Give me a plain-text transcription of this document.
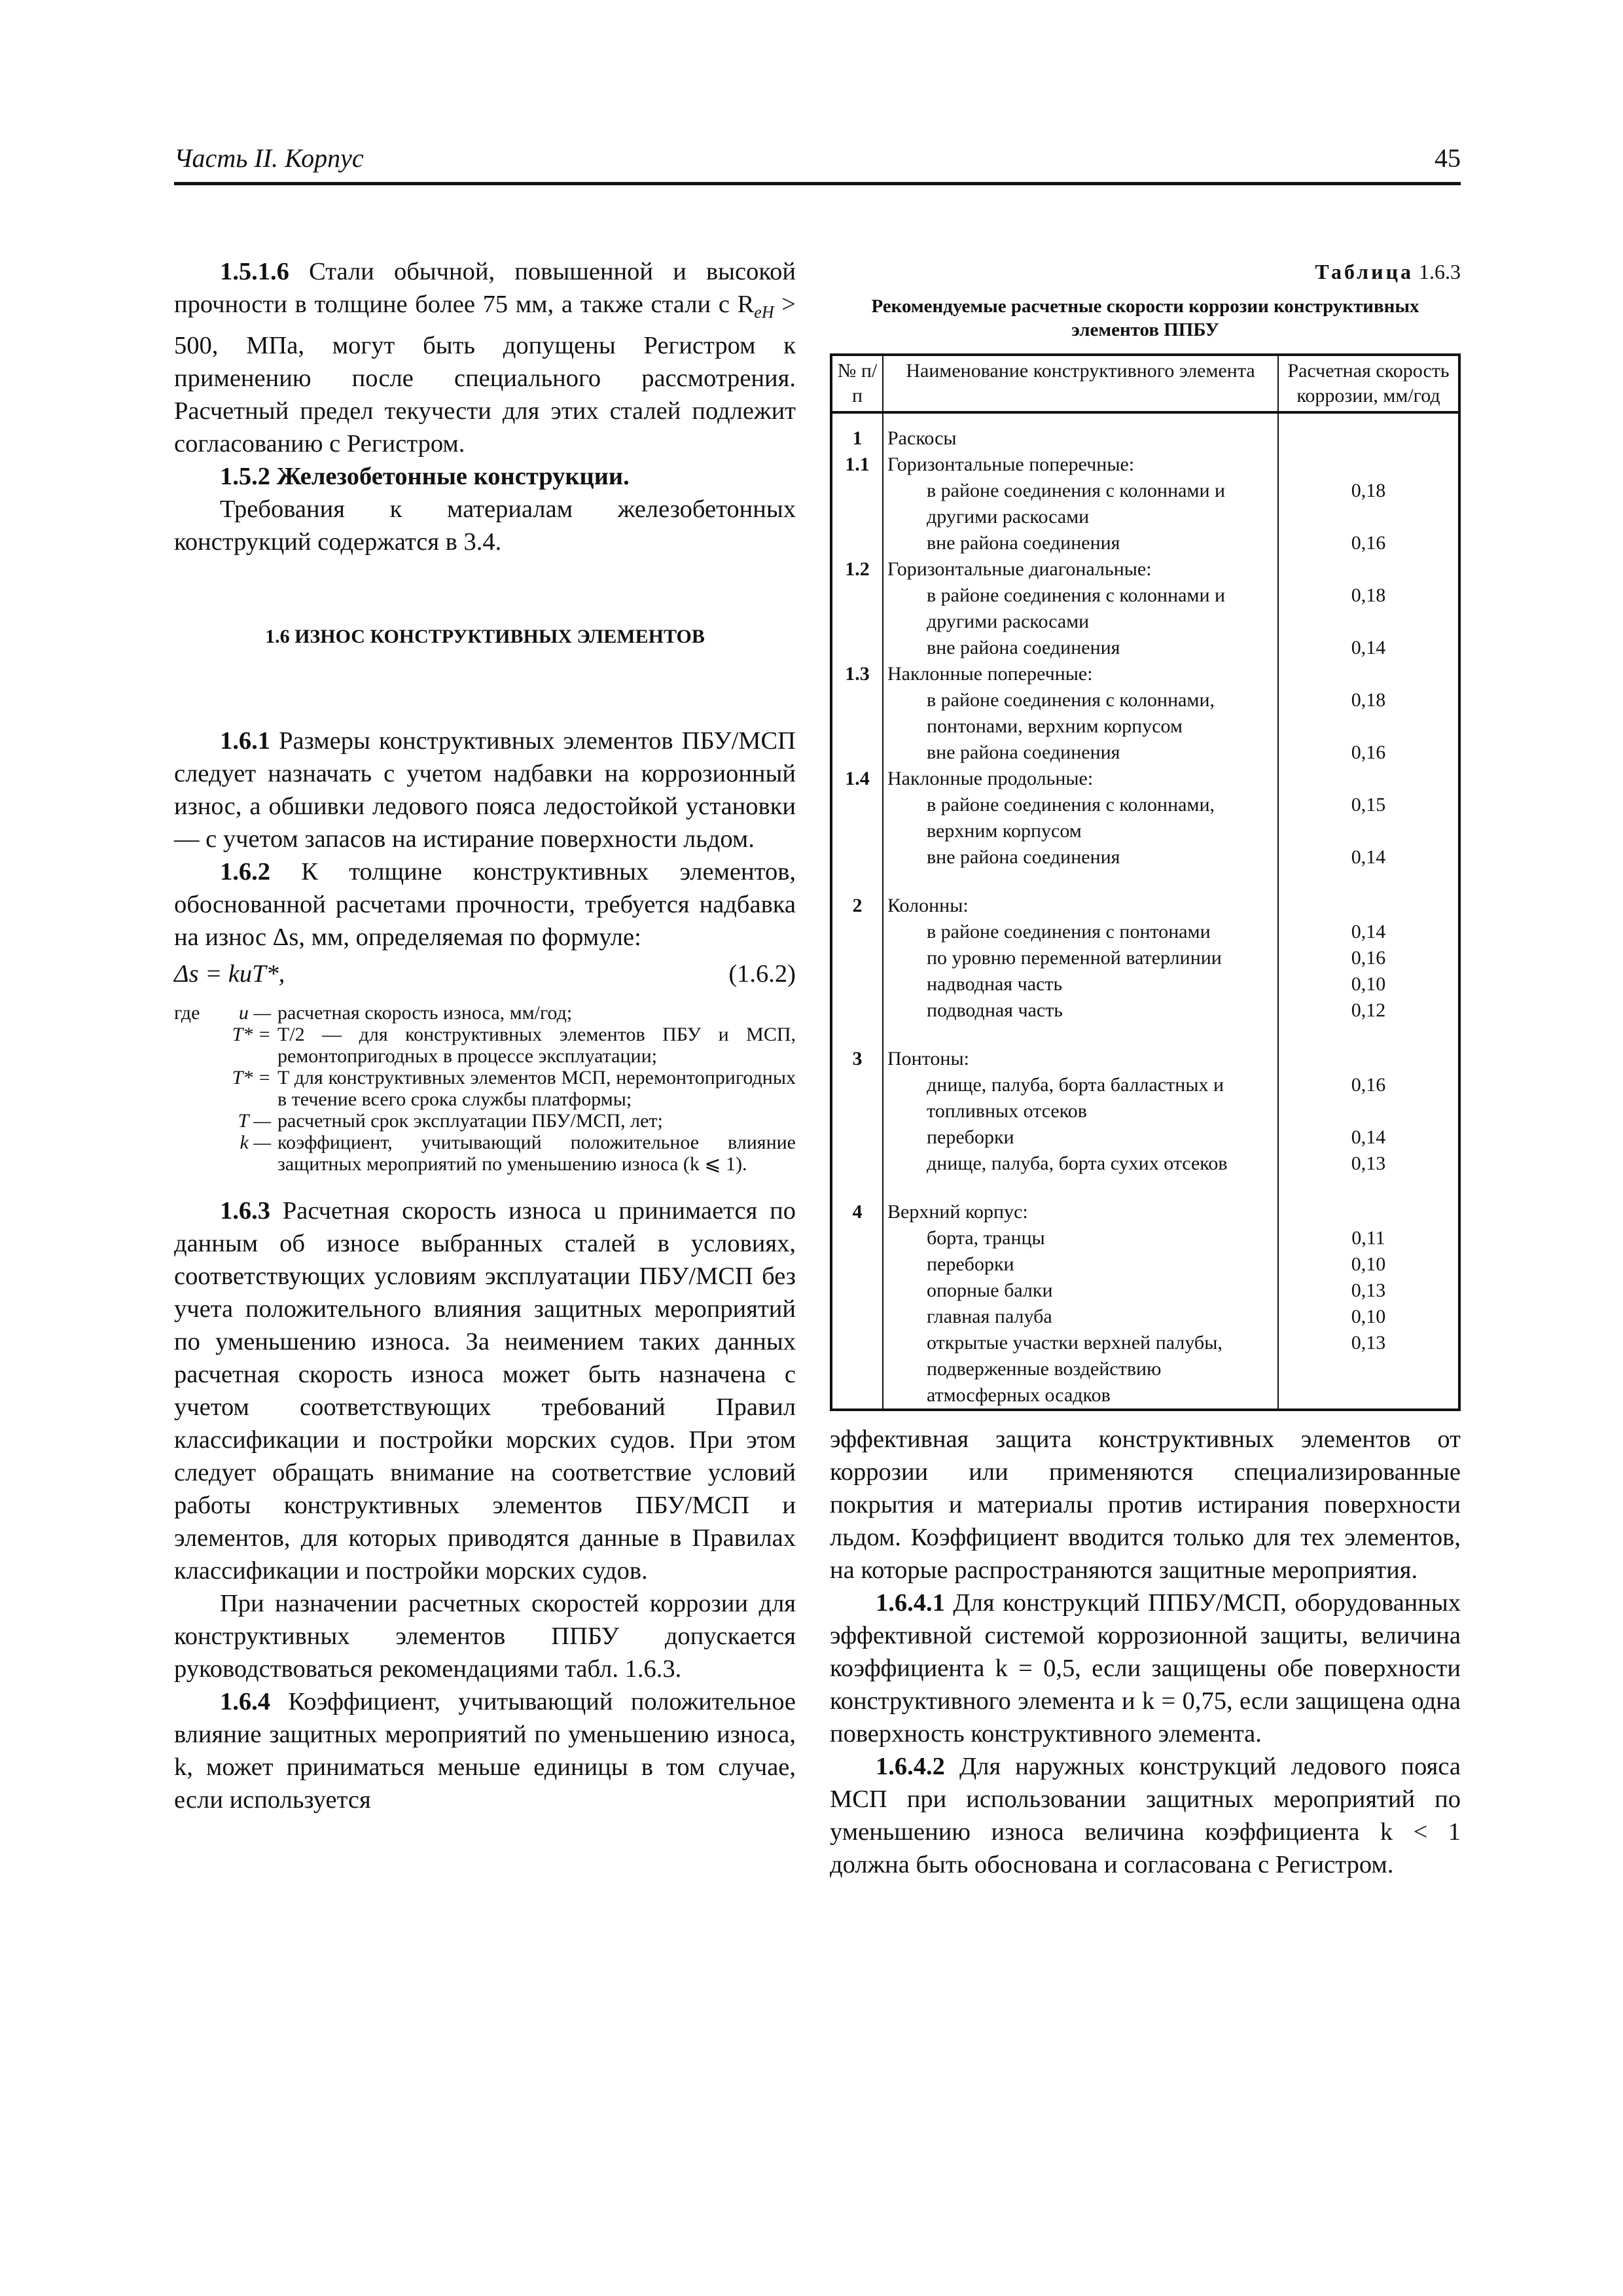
Часть II. Корпус	45

1.5.1.6 Стали обычной, повышенной и высокой прочности в толщине более 75 мм, а также стали с $R_{eH} > 500$, МПа, могут быть допущены Регистром к применению после специального рассмотрения. Расчетный предел текучести для этих сталей подлежит согласованию с Регистром.

1.5.2 Железобетонные конструкции.

Требования к материалам железобетонных конструкций содержатся в 3.4.

1.6 ИЗНОС КОНСТРУКТИВНЫХ ЭЛЕМЕНТОВ

1.6.1 Размеры конструктивных элементов ПБУ/МСП следует назначать с учетом надбавки на коррозионный износ, а обшивки ледового пояса ледостойкой установки — с учетом запасов на истирание поверхности льдом.

1.6.2 К толщине конструктивных элементов, обоснованной расчетами прочности, требуется надбавка на износ Δs, мм, определяемая по формуле:

Δs = kuT*,	(1.6.2)
где	u — расчетная скорость износа, мм/год;
T* = T/2 — для конструктивных элементов ПБУ и МСП, ремонтопригодных в процессе эксплуатации;
T* = T для конструктивных элементов МСП, неремонтопригодных в течение всего срока службы платформы;
T — расчетный срок эксплуатации ПБУ/МСП, лет;
k — коэффициент, учитывающий положительное влияние защитных мероприятий по уменьшению износа (k ⩽ 1).

1.6.3 Расчетная скорость износа u принимается по данным об износе выбранных сталей в условиях, соответствующих условиям эксплуатации ПБУ/МСП без учета положительного влияния защитных мероприятий по уменьшению износа. За неимением таких данных расчетная скорость износа может быть назначена с учетом соответствующих требований Правил классификации и постройки морских судов. При этом следует обращать внимание на соответствие условий работы конструктивных элементов ПБУ/МСП и элементов, для которых приводятся данные в Правилах классификации и постройки морских судов.

При назначении расчетных скоростей коррозии для конструктивных элементов ППБУ допускается руководствоваться рекомендациями табл. 1.6.3.

1.6.4 Коэффициент, учитывающий положительное влияние защитных мероприятий по уменьшению износа, k, может приниматься меньше единицы в том случае, если используется

Таблица 1.6.3
Рекомендуемые расчетные скорости коррозии конструктивных элементов ППБУ
№ п/п	Наименование конструктивного элемента	Расчетная скорость коррозии, мм/год
1	Раскосы	
1.1	Горизонтальные поперечные:	
	в районе соединения с колоннами и другими раскосами	0,18
	вне района соединения	0,16
1.2	Горизонтальные диагональные:	
	в районе соединения с колоннами и другими раскосами	0,18
	вне района соединения	0,14
1.3	Наклонные поперечные:	
	в районе соединения с колоннами, понтонами, верхним корпусом	0,18
	вне района соединения	0,16
1.4	Наклонные продольные:	
	в районе соединения с колоннами, верхним корпусом	0,15
	вне района соединения	0,14

2	Колонны:	
	в районе соединения с понтонами	0,14
	по уровню переменной ватерлинии	0,16
	надводная часть	0,10
	подводная часть	0,12

3	Понтоны:	
	днище, палуба, борта балластных и топливных отсеков	0,16
	переборки	0,14
	днище, палуба, борта сухих отсеков	0,13

4	Верхний корпус:	
	борта, транцы	0,11
	переборки	0,10
	опорные балки	0,13
	главная палуба	0,10
	открытые участки верхней палубы, подверженные воздействию атмосферных осадков	0,13

эффективная защита конструктивных элементов от коррозии или применяются специализированные покрытия и материалы против истирания поверхности льдом. Коэффициент вводится только для тех элементов, на которые распространяются защитные мероприятия.

1.6.4.1 Для конструкций ППБУ/МСП, оборудованных эффективной системой коррозионной защиты, величина коэффициента k = 0,5, если защищены обе поверхности конструктивного элемента и k = 0,75, если защищена одна поверхность конструктивного элемента.

1.6.4.2 Для наружных конструкций ледового пояса МСП при использовании защитных мероприятий по уменьшению износа величина коэффициента k < 1 должна быть обоснована и согласована с Регистром.
